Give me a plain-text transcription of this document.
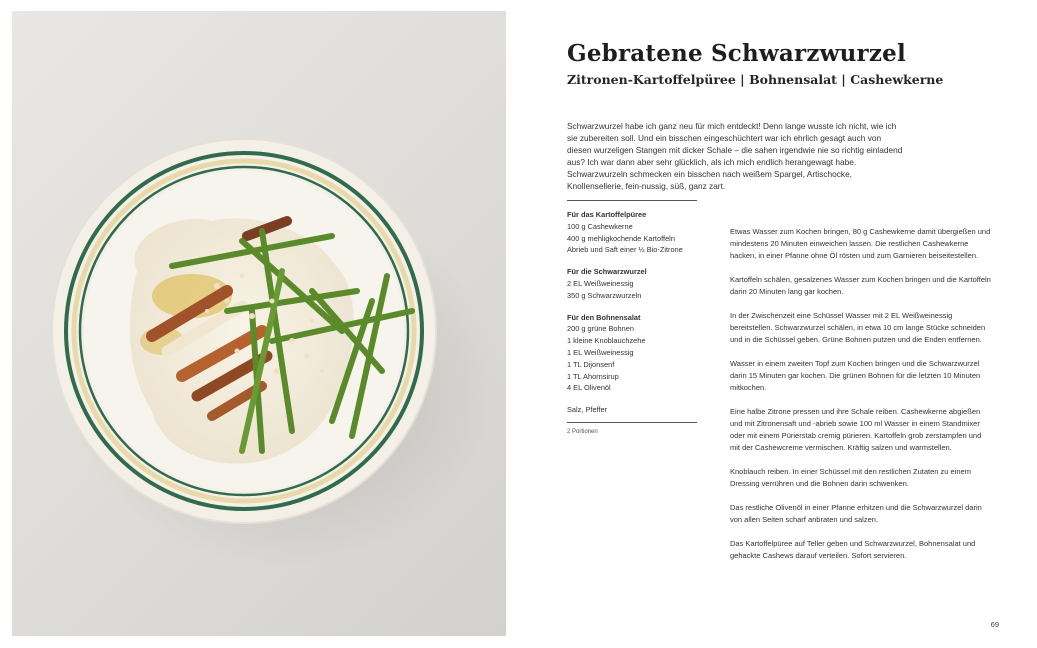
Gebratene Schwarzwurzel
Zitronen-Kartoffelpüree | Bohnensalat | Cashewkerne
Schwarzwurzel habe ich ganz neu für mich entdeckt! Denn lange wusste ich nicht, wie ich sie zubereiten soll. Und ein bisschen eingeschüchtert war ich ehrlich gesagt auch von diesen wurzeligen Stangen mit dicker Schale – die sahen irgendwie nie so richtig einladend aus? Ich war dann aber sehr glücklich, als ich mich endlich herangewagt habe. Schwarzwurzeln schmecken ein bisschen nach weißem Spargel, Artischocke, Knollensellerie, fein-nussig, süß, ganz zart.
Für das Kartoffelpüree
100 g Cashewkerne
400 g mehligkochende Kartoffeln
Abrieb und Saft einer ½ Bio-Zitrone
Für die Schwarzwurzel
2 EL Weißweinessig
350 g Schwarzwurzeln
Für den Bohnensalat
200 g grüne Bohnen
1 kleine Knoblauchzehe
1 EL Weißweinessig
1 TL Dijonsenf
1 TL Ahornsirup
4 EL Olivenöl
Salz, Pfeffer
2 Portionen

Etwas Wasser zum Kochen bringen, 80 g Cashewkerne damit übergießen und mindestens 20 Minuten einweichen lassen. Die restlichen Cashewkerne hacken, in einer Pfanne ohne Öl rösten und zum Garnieren beiseitestellen.

Kartoffeln schälen, gesalzenes Wasser zum Kochen bringen und die Kartoffeln darin 20 Minuten lang gar kochen.

In der Zwischenzeit eine Schüssel Wasser mit 2 EL Weißweinessig bereitstellen. Schwarzwurzel schälen, in etwa 10 cm lange Stücke schneiden und in die Schüssel geben. Grüne Bohnen putzen und die Enden entfernen.

Wasser in einem zweiten Topf zum Kochen bringen und die Schwarzwurzel darin 15 Minuten gar kochen. Die grünen Bohnen für die letzten 10 Minuten mitkochen.

Eine halbe Zitrone pressen und ihre Schale reiben. Cashewkerne abgießen und mit Zitronensaft und -abrieb sowie 100 ml Wasser in einem Standmixer oder mit einem Pürierstab cremig pürieren. Kartoffeln grob zerstampfen und mit der Cashewcreme vermischen. Kräftig salzen und warmstellen.

Knoblauch reiben. In einer Schüssel mit den restlichen Zutaten zu einem Dressing verrühren und die Bohnen darin schwenken.

Das restliche Olivenöl in einer Pfanne erhitzen und die Schwarzwurzel darin von allen Seiten scharf anbraten und salzen.

Das Kartoffelpüree auf Teller geben und Schwarzwurzel, Bohnensalat und gehackte Cashews darauf verteilen. Sofort servieren.

69
